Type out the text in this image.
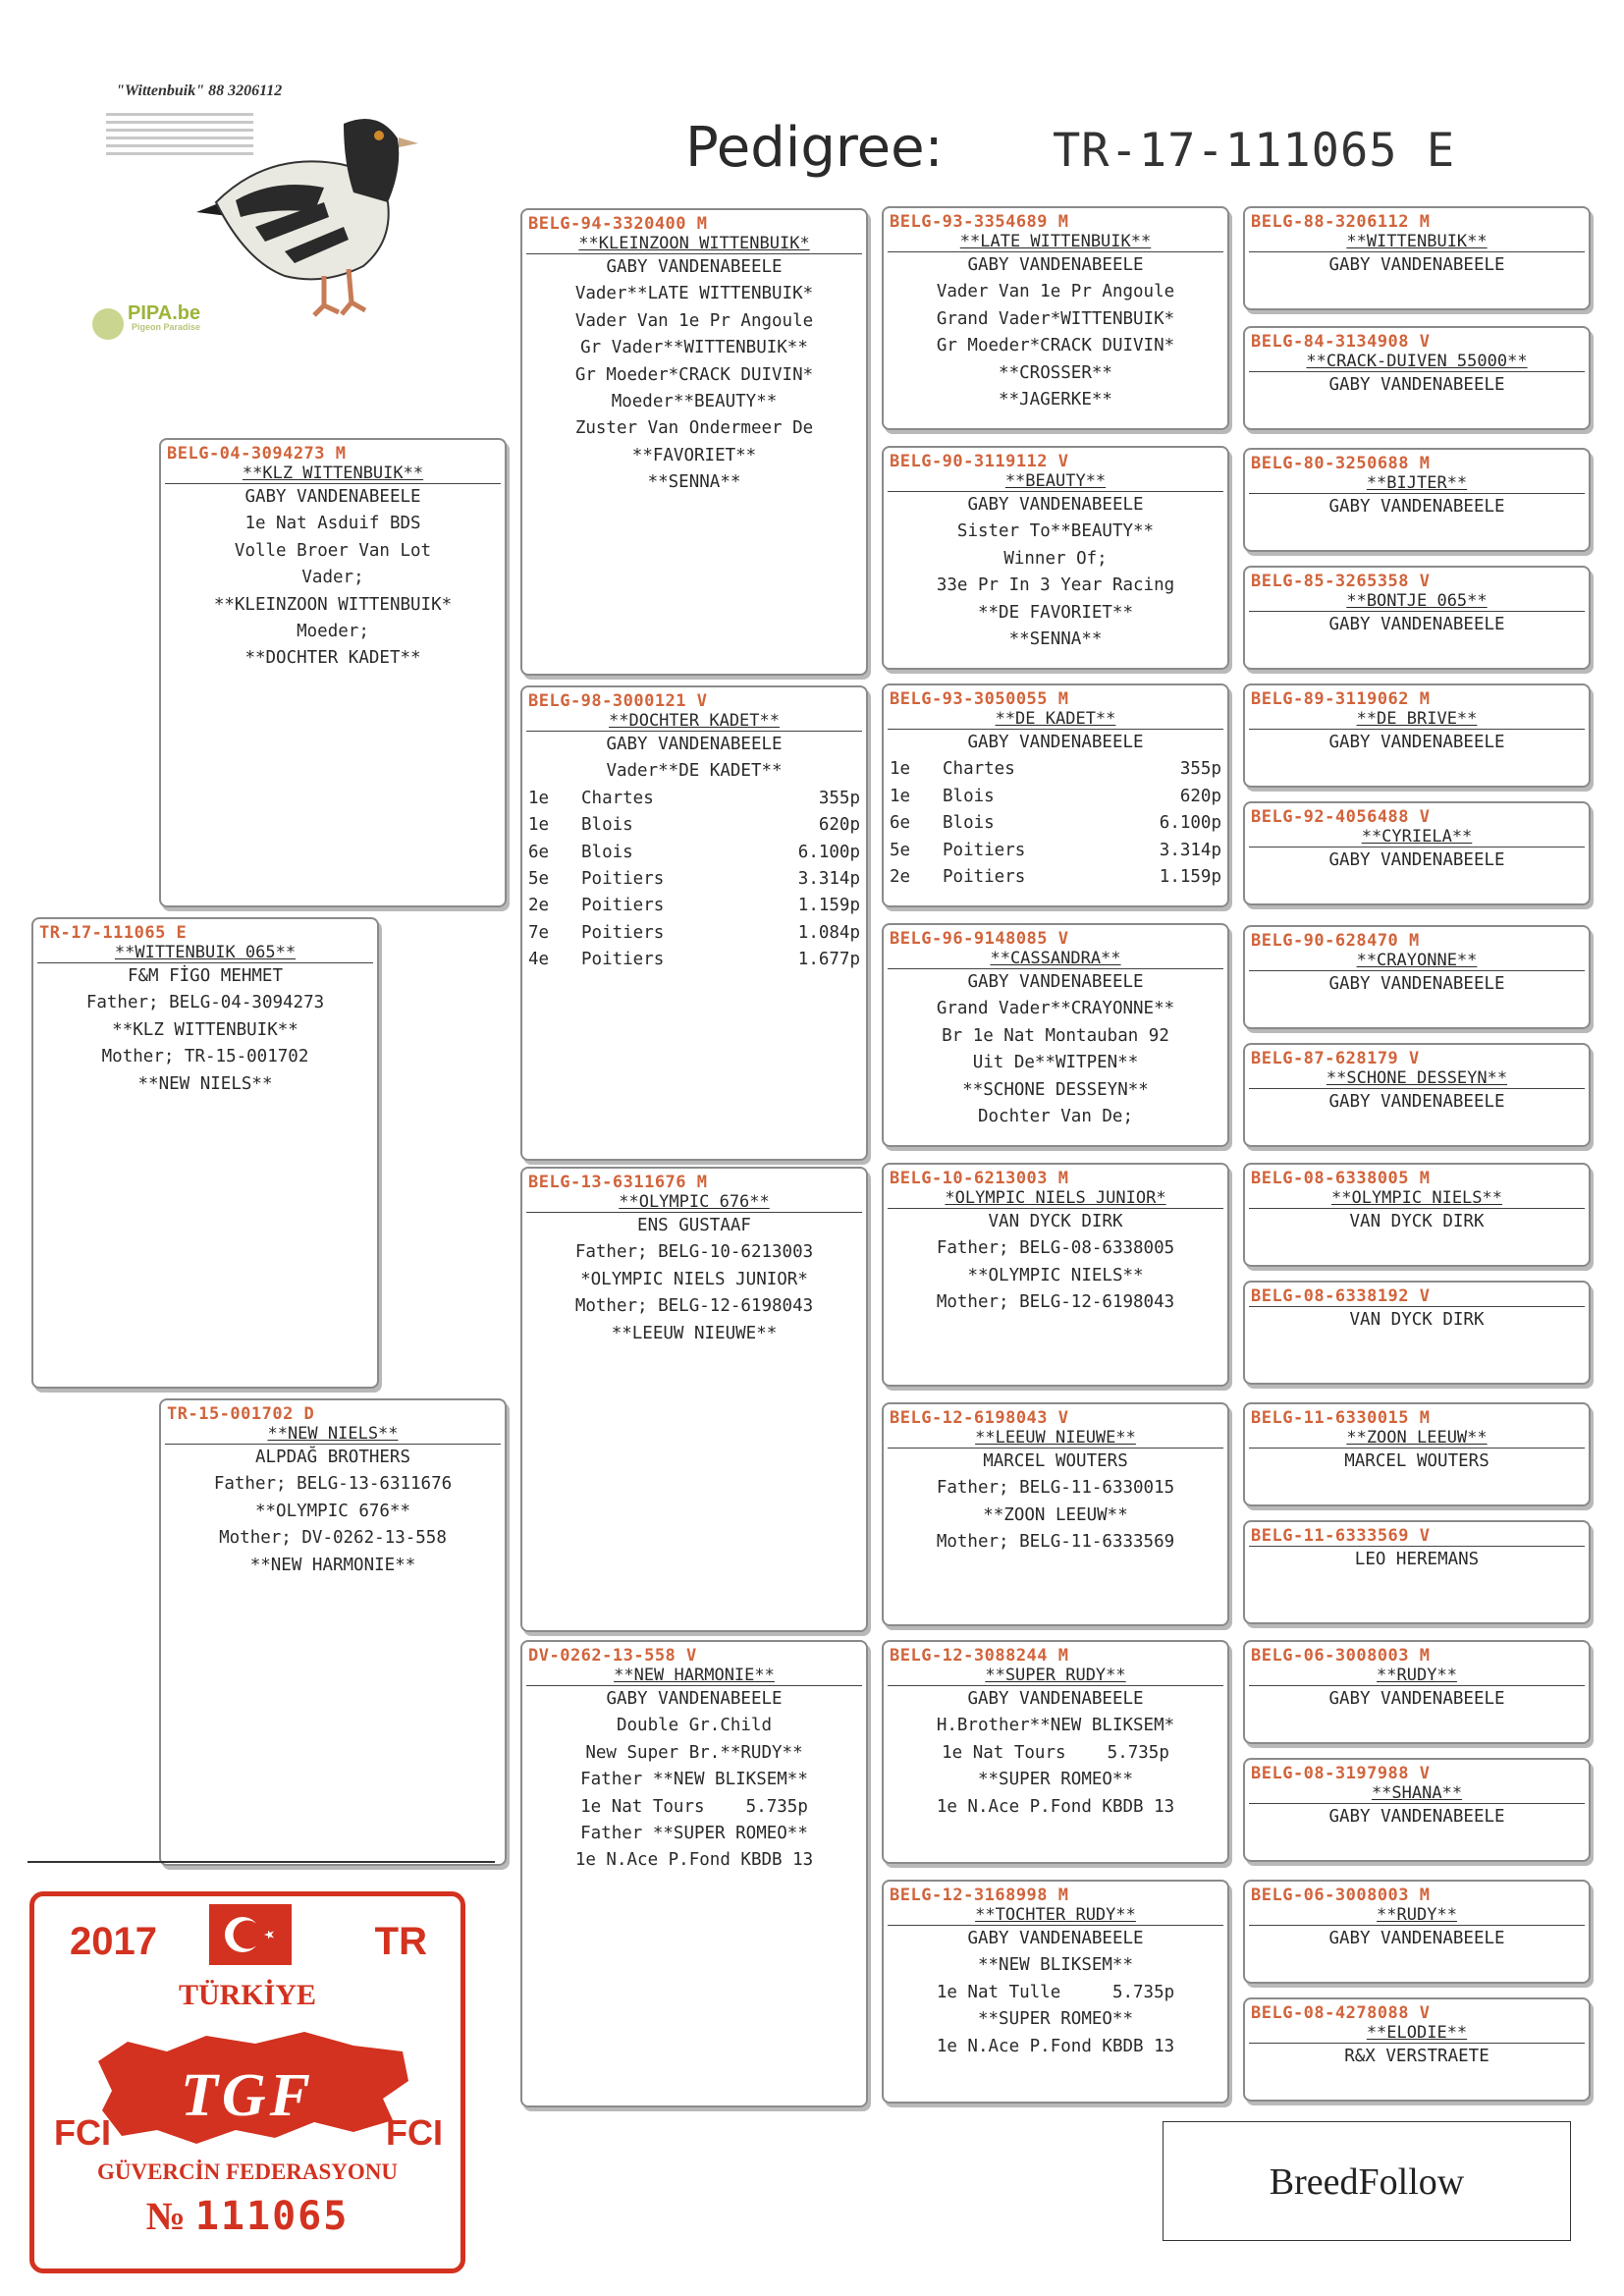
Pedigree: TR-17-111065 E
"Wittenbuik" 88 3206112
PIPA.be
Pigeon Paradise
TR-17-111065 E
**WITTENBUIK 065**
F&M FİGO MEHMET
Father; BELG-04-3094273
**KLZ WITTENBUIK**
Mother; TR-15-001702
**NEW NIELS**
BELG-04-3094273 M
**KLZ WITTENBUIK**
GABY VANDENABEELE
1e Nat Asduif BDS
Volle Broer Van Lot
Vader;
**KLEINZOON WITTENBUIK*
Moeder;
**DOCHTER KADET**
TR-15-001702 D
**NEW NIELS**
ALPDAĞ BROTHERS
Father; BELG-13-6311676
**OLYMPIC 676**
Mother; DV-0262-13-558
**NEW HARMONIE**
BELG-94-3320400 M
**KLEINZOON WITTENBUIK*
GABY VANDENABEELE
Vader**LATE WITTENBUIK*
Vader Van 1e Pr Angoule
Gr Vader**WITTENBUIK**
Gr Moeder*CRACK DUIVIN*
Moeder**BEAUTY**
Zuster Van Ondermeer De
**FAVORIET**
**SENNA**
BELG-98-3000121 V
**DOCHTER KADET**
GABY VANDENABEELE
Vader**DE KADET**
1e	Chartes	355p
1e	Blois	620p
6e	Blois	6.100p
5e	Poitiers	3.314p
2e	Poitiers	1.159p
7e	Poitiers	1.084p
4e	Poitiers	1.677p
BELG-13-6311676 M
**OLYMPIC 676**
ENS GUSTAAF
Father; BELG-10-6213003
*OLYMPIC NIELS JUNIOR*
Mother; BELG-12-6198043
**LEEUW NIEUWE**
DV-0262-13-558 V
**NEW HARMONIE**
GABY VANDENABEELE
Double Gr.Child
New Super Br.**RUDY**
Father **NEW BLIKSEM**
1e Nat Tours    5.735p
Father **SUPER ROMEO**
1e N.Ace P.Fond KBDB 13
BELG-93-3354689 M
**LATE WITTENBUIK**
GABY VANDENABEELE
Vader Van 1e Pr Angoule
Grand Vader*WITTENBUIK*
Gr Moeder*CRACK DUIVIN*
**CROSSER**
**JAGERKE**
BELG-90-3119112 V
**BEAUTY**
GABY VANDENABEELE
Sister To**BEAUTY**
Winner Of;
33e Pr In 3 Year Racing
**DE FAVORIET**
**SENNA**
BELG-93-3050055 M
**DE KADET**
GABY VANDENABEELE
1e	Chartes	355p
1e	Blois	620p
6e	Blois	6.100p
5e	Poitiers	3.314p
2e	Poitiers	1.159p
BELG-96-9148085 V
**CASSANDRA**
GABY VANDENABEELE
Grand Vader**CRAYONNE**
Br 1e Nat Montauban 92
Uit De**WITPEN**
**SCHONE DESSEYN**
Dochter Van De;
BELG-10-6213003 M
*OLYMPIC NIELS JUNIOR*
VAN DYCK DIRK
Father; BELG-08-6338005
**OLYMPIC NIELS**
Mother; BELG-12-6198043
BELG-12-6198043 V
**LEEUW NIEUWE**
MARCEL WOUTERS
Father; BELG-11-6330015
**ZOON LEEUW**
Mother; BELG-11-6333569
BELG-12-3088244 M
**SUPER RUDY**
GABY VANDENABEELE
H.Brother**NEW BLIKSEM*
1e Nat Tours    5.735p
**SUPER ROMEO**
1e N.Ace P.Fond KBDB 13
BELG-12-3168998 M
**TOCHTER RUDY**
GABY VANDENABEELE
**NEW BLIKSEM**
1e Nat Tulle     5.735p
**SUPER ROMEO**
1e N.Ace P.Fond KBDB 13
BELG-88-3206112 M
**WITTENBUIK**
GABY VANDENABEELE
BELG-84-3134908 V
**CRACK-DUIVEN 55000**
GABY VANDENABEELE
BELG-80-3250688 M
**BIJTER**
GABY VANDENABEELE
BELG-85-3265358 V
**BONTJE 065**
GABY VANDENABEELE
BELG-89-3119062 M
**DE BRIVE**
GABY VANDENABEELE
BELG-92-4056488 V
**CYRIELA**
GABY VANDENABEELE
BELG-90-628470 M
**CRAYONNE**
GABY VANDENABEELE
BELG-87-628179 V
**SCHONE DESSEYN**
GABY VANDENABEELE
BELG-08-6338005 M
**OLYMPIC NIELS**
VAN DYCK DIRK
BELG-08-6338192 V
VAN DYCK DIRK
BELG-11-6330015 M
**ZOON LEEUW**
MARCEL WOUTERS
BELG-11-6333569 V
LEO HEREMANS
BELG-06-3008003 M
**RUDY**
GABY VANDENABEELE
BELG-08-3197988 V
**SHANA**
GABY VANDENABEELE
BELG-06-3008003 M
**RUDY**
GABY VANDENABEELE
BELG-08-4278088 V
**ELODIE**
R&X VERSTRAETE
2017	TR
TÜRKİYE
TGF
FCI	FCI
GÜVERCİN FEDERASYONU
№ 111065
BreedFollow
